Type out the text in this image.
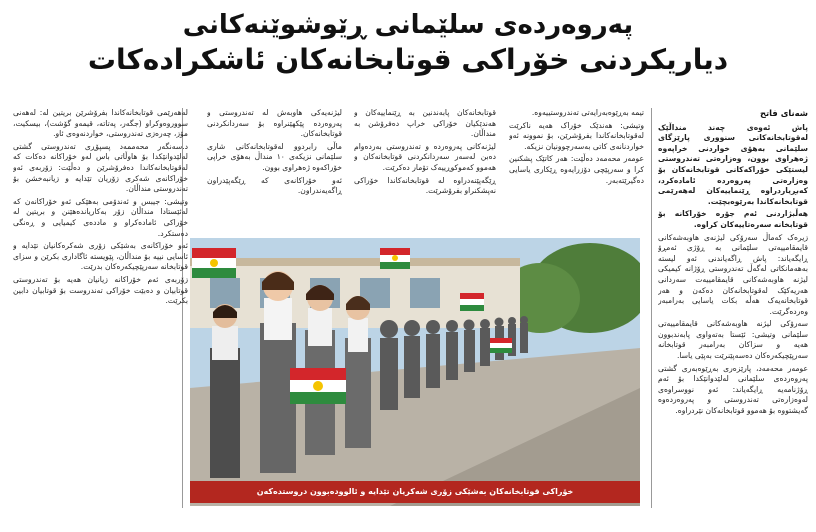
پەروەردەی سلێمانی ڕێوشوێنەکانی
دیاریکردنی خۆراکی قوتابخانەکان ئاشکرادەکات

شەنای فاتح

پاش ئەوەی چەند منداڵێک لەقوتابخانەکانی سنووری پارێزگای سلێمانی بەهۆی خواردنی خراپەوە ژەهراوی بوون، وەزارەتی تەندروستی لیستێکی خۆراکەکانی قوتابخانەکان بۆ وەزارەتی پەروەردە ئامادەکرد، کەبڕیاردراوە ڕێنماییەکان لەهەرێمی قوتابخانەکاندا بەرێوەبچێت.

هەڵبژاردنی ئەم جۆرە خۆراکانە بۆ قوتابخانە سەرەتاییەکان کراوە.

زیرەک کەماڵ سەرۆکی لیژنەی هاوبەشەکانی قایمقامییەتی سلێمانی بە ڕۆژی ئەمڕۆ ڕایگەیاند: پاش ڕاگەیاندنی ئەو لیستە بەهەمانکاتی لەگەڵ تەندروستی ڕۆژانە کیمیکی لیژنە هاوبەشەکانی قایمقامییەت سەردانی هەریەکێک لەقوتابخانەکان دەکەن و هەر قوتابخانەیەک هەڵە بکات یاسایی بەرامبەر وەردەگرێت.

سەرۆکی لیژنە هاوبەشەکانی قایمقامییەتی سلێمانی وتیشی: ئێستا بەتەواوی پابەندبوون هەیە و سزاکان بەرامبەر قوتابخانە سەرپێچیکەرەکان دەسەپێنرێت بەپێی یاسا.

عومەر محەمەد، پارێزەری بەڕێوەبەری گشتی پەروەردەی سلێمانی لەلێدوانێکدا بۆ ئەم ڕۆژنامەیە ڕایگەیاند: ئەو نووسراوەی لەوەزارەتی تەندروستی و پەروەردەوە گەیشتووە بۆ هەموو قوتابخانەکان نێردراوە.

تیمە بەڕێوەبەرایەتی تەندروستییەوە.

وتیشی: هەندێک خۆراک هەیە ناکرێت لەقوتابخانەکاندا بفرۆشرێن، بۆ نموونە ئەو خواردنانەی کاتی بەسەرچوونیان نزیکە.

عومەر محەمەد دەڵێت: هەر کاتێک پشکنین کرا و سەرپێچی دۆزرایەوە ڕێکاری یاسایی دەگیرێتەبەر.

قوتابخانەکان پابەندنین بە ڕێنماییەکان و هەندێکیان خۆراکی خراپ دەفرۆشن بە منداڵان.

لیژنەکانی پەروەردە و تەندروستی بەردەوام دەبن لەسەر سەردانکردنی قوتابخانەکان و هەموو کەموکوڕییەک تۆمار دەکرێت.

ڕێگەپێنەدراوە لە قوتابخانەکاندا خۆراکی نەپشکنراو بفرۆشرێت.

لیژنەیەکی هاوبەش لە تەندروستی و پەروەردە پێکهێنراوە بۆ سەردانکردنی قوتابخانەکان.

ماڵی رابردوو لەقوتابخانەکانی شاری سلێمانی نزیکەی ١٠ منداڵ بەهۆی خراپی خۆراکەوە ژەهراوی بوون.

ئەو خۆراکانەی کە ڕێگەپێدراون ڕاگەیەندراون.

لەهەرێمی قوتابخانەکاندا بفرۆشرێن بریتین لە: لەهەنی سووروەوکراو (جگەر، پەتاتە، قیمەو گۆشت)، بیسکیت، مۆز، چەرەزی تەندروستی، خواردنەوەی ئاو.

د.سەنگەر محەممەد پسپۆڕی تەندروستی گشتی لەلێدوانێکدا بۆ هاوڵاتی باس لەو خۆراکانە دەکات کە لەقوتابخانەکاندا دەفرۆشرێن و دەڵێت: زۆربەی ئەو خۆراکانەی شەکری زۆریان تێدایە و زیانبەخشن بۆ تەندروستی منداڵان.

وتیشی: جیبس و ئەندۆمی بەهێکی ئەو خۆراکانەن کە لەئێستادا منداڵان زۆر بەکاریاندەهێنن و بریتین لە خۆراکی ئامادەکراو و ماددەی کیمیایی و ڕەنگی دەستکرد.

ئەو خۆراکانەی بەشێکی زۆری شەکرەکانیان تێدایە و ئاسایی نییە بۆ منداڵان، پێویستە ئاگاداری بکرێن و سزای قوتابخانە سەرپێچیکەرەکان بدرێت.

زۆربەی ئەم خۆراکانە زیانیان هەیە بۆ تەندروستی قوتابیان و دەبێت خۆراکی تەندروست بۆ قوتابیان دابین بکرێت.

خۆراکی قوتابخانەکان بەشێکی زۆری شەکریان تێدایە و ئالوودەبوون دروستدەکەن
